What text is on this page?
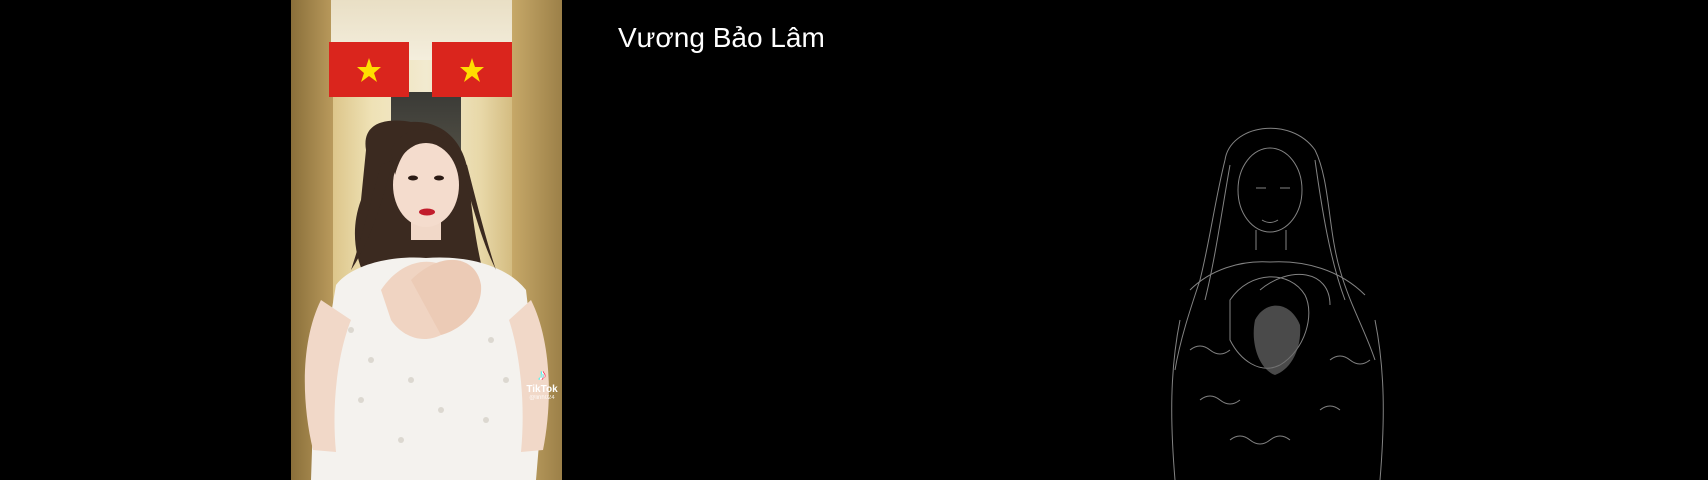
♪
TikTok
@linh024
Vương Bảo Lâm
